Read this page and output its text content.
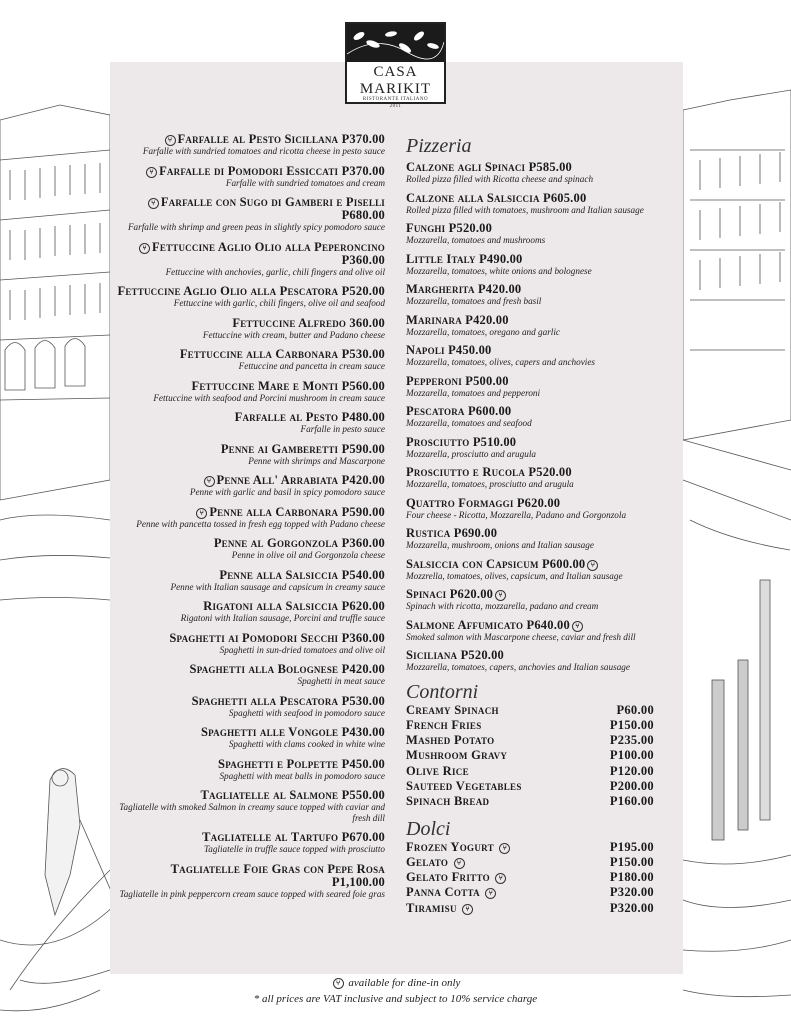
CASA
MARIKIT
RISTORANTE ITALIANO
2011
⑂ Farfalle al Pesto Sicillana P370.00
Farfalle with sundried tomatoes and ricotta cheese in pesto sauce
⑂ Farfalle di Pomodori Essiccati P370.00
Farfalle with sundried tomatoes and cream
⑂ Farfalle con Sugo di Gamberi e Piselli P680.00
Farfalle with shrimp and green peas in slightly spicy pomodoro sauce
⑂ Fettuccine Aglio Olio alla Peperoncino P360.00
Fettuccine with anchovies, garlic, chili fingers and olive oil
Fettuccine Aglio Olio alla Pescatora P520.00
Fettuccine with garlic, chili fingers, olive oil and seafood
Fettuccine Alfredo 360.00
Fettuccine with cream, butter and Padano cheese
Fettuccine alla Carbonara P530.00
Fettuccine and pancetta in cream sauce
Fettuccine Mare e Monti P560.00
Fettuccine with seafood and Porcini mushroom in cream sauce
Farfalle al Pesto P480.00
Farfalle in pesto sauce
Penne ai Gamberetti P590.00
Penne with shrimps and Mascarpone
⑂ Penne All' Arrabiata P420.00
Penne with garlic and basil in spicy pomodoro sauce
⑂ Penne alla Carbonara P590.00
Penne with pancetta tossed in fresh egg topped with Padano cheese
Penne al Gorgonzola P360.00
Penne in olive oil and Gorgonzola cheese
Penne alla Salsiccia P540.00
Penne with Italian sausage and capsicum in creamy sauce
Rigatoni alla Salsiccia P620.00
Rigatoni with Italian sausage, Porcini and truffle sauce
Spaghetti ai Pomodori Secchi P360.00
Spaghetti in sun-dried tomatoes and olive oil
Spaghetti alla Bolognese P420.00
Spaghetti in meat sauce
Spaghetti alla Pescatora P530.00
Spaghetti with seafood in pomodoro sauce
Spaghetti alle Vongole P430.00
Spaghetti with clams cooked in white wine
Spaghetti e Polpette P450.00
Spaghetti with meat balls in pomodoro sauce
Tagliatelle al Salmone P550.00
Tagliatelle with smoked Salmon in creamy sauce topped with caviar and fresh dill
Tagliatelle al Tartufo P670.00
Tagliatelle in truffle sauce topped with prosciutto
Tagliatelle Foie Gras con Pepe Rosa P1,100.00
Tagliatelle in pink peppercorn cream sauce topped with seared foie gras
Pizzeria
Calzone agli Spinaci P585.00
Rolled pizza filled with Ricotta cheese and spinach
Calzone alla Salsiccia P605.00
Rolled pizza filled with tomatoes, mushroom and Italian sausage
Funghi P520.00
Mozzarella, tomatoes and mushrooms
Little Italy P490.00
Mozzarella, tomatoes, white onions and bolognese
Margherita P420.00
Mozzarella, tomatoes and fresh basil
Marinara P420.00
Mozzarella, tomatoes, oregano and garlic
Napoli P450.00
Mozzarella, tomatoes, olives, capers and anchovies
Pepperoni P500.00
Mozzarella, tomatoes and pepperoni
Pescatora P600.00
Mozzarella, tomatoes and seafood
Prosciutto P510.00
Mozzarella, prosciutto and arugula
Prosciutto e Rucola P520.00
Mozzarella, tomatoes, prosciutto and arugula
Quattro Formaggi P620.00
Four cheese - Ricotta, Mozzarella, Padano and Gorgonzola
Rustica P690.00
Mozzarella, mushroom, onions and Italian sausage
Salsiccia con Capsicum P600.00 ⑂
Mozzrella, tomatoes, olives, capsicum, and Italian sausage
Spinaci P620.00 ⑂
Spinach with ricotta, mozzarella, padano and cream
Salmone Affumicato P640.00 ⑂
Smoked salmon with Mascarpone cheese, caviar and fresh dill
Siciliana P520.00
Mozzarella, tomatoes, capers, anchovies and Italian sausage
Contorni
Creamy Spinach	P60.00
French Fries	P150.00
Mashed Potato	P235.00
Mushroom Gravy	P100.00
Olive Rice	P120.00
Sauteed Vegetables	P200.00
Spinach Bread	P160.00
Dolci
Frozen Yogurt ⑂	P195.00
Gelato ⑂	P150.00
Gelato Fritto ⑂	P180.00
Panna Cotta ⑂	P320.00
Tiramisu ⑂	P320.00
⑂ available for dine-in only
* all prices are VAT inclusive and subject to 10% service charge
